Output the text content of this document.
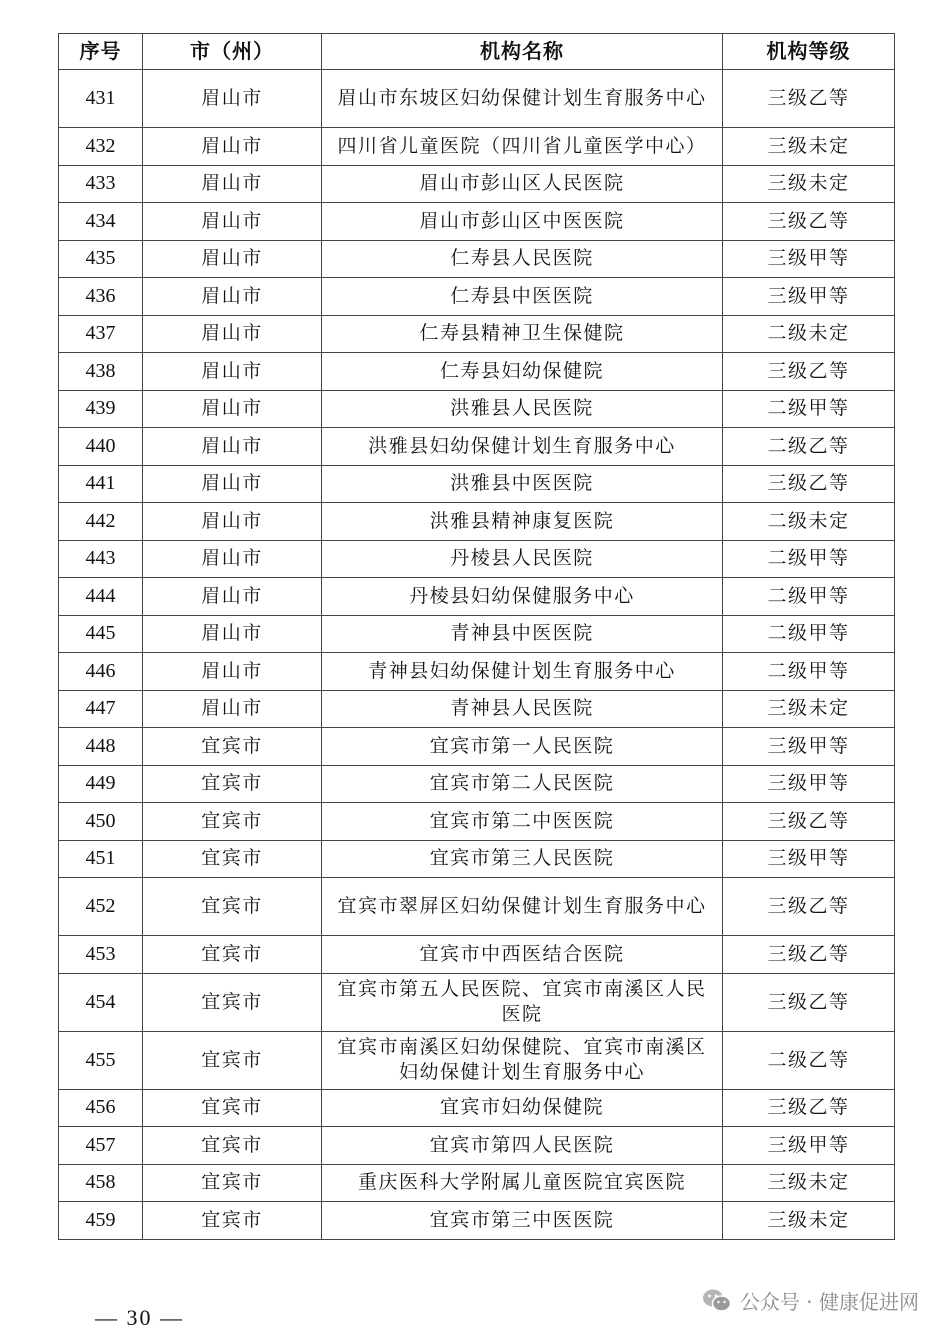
序号	市（州）	机构名称	机构等级
431	眉山市	眉山市东坡区妇幼保健计划生育服务中心	三级乙等
432	眉山市	四川省儿童医院（四川省儿童医学中心）	三级未定
433	眉山市	眉山市彭山区人民医院	三级未定
434	眉山市	眉山市彭山区中医医院	三级乙等
435	眉山市	仁寿县人民医院	三级甲等
436	眉山市	仁寿县中医医院	三级甲等
437	眉山市	仁寿县精神卫生保健院	二级未定
438	眉山市	仁寿县妇幼保健院	三级乙等
439	眉山市	洪雅县人民医院	二级甲等
440	眉山市	洪雅县妇幼保健计划生育服务中心	二级乙等
441	眉山市	洪雅县中医医院	三级乙等
442	眉山市	洪雅县精神康复医院	二级未定
443	眉山市	丹棱县人民医院	二级甲等
444	眉山市	丹棱县妇幼保健服务中心	二级甲等
445	眉山市	青神县中医医院	二级甲等
446	眉山市	青神县妇幼保健计划生育服务中心	二级甲等
447	眉山市	青神县人民医院	三级未定
448	宜宾市	宜宾市第一人民医院	三级甲等
449	宜宾市	宜宾市第二人民医院	三级甲等
450	宜宾市	宜宾市第二中医医院	三级乙等
451	宜宾市	宜宾市第三人民医院	三级甲等
452	宜宾市	宜宾市翠屏区妇幼保健计划生育服务中心	三级乙等
453	宜宾市	宜宾市中西医结合医院	三级乙等
454	宜宾市	宜宾市第五人民医院、宜宾市南溪区人民医院	三级乙等
455	宜宾市	宜宾市南溪区妇幼保健院、宜宾市南溪区妇幼保健计划生育服务中心	二级乙等
456	宜宾市	宜宾市妇幼保健院	三级乙等
457	宜宾市	宜宾市第四人民医院	三级甲等
458	宜宾市	重庆医科大学附属儿童医院宜宾医院	三级未定
459	宜宾市	宜宾市第三中医医院	三级未定
— 30 —
公众号 · 健康促进网
